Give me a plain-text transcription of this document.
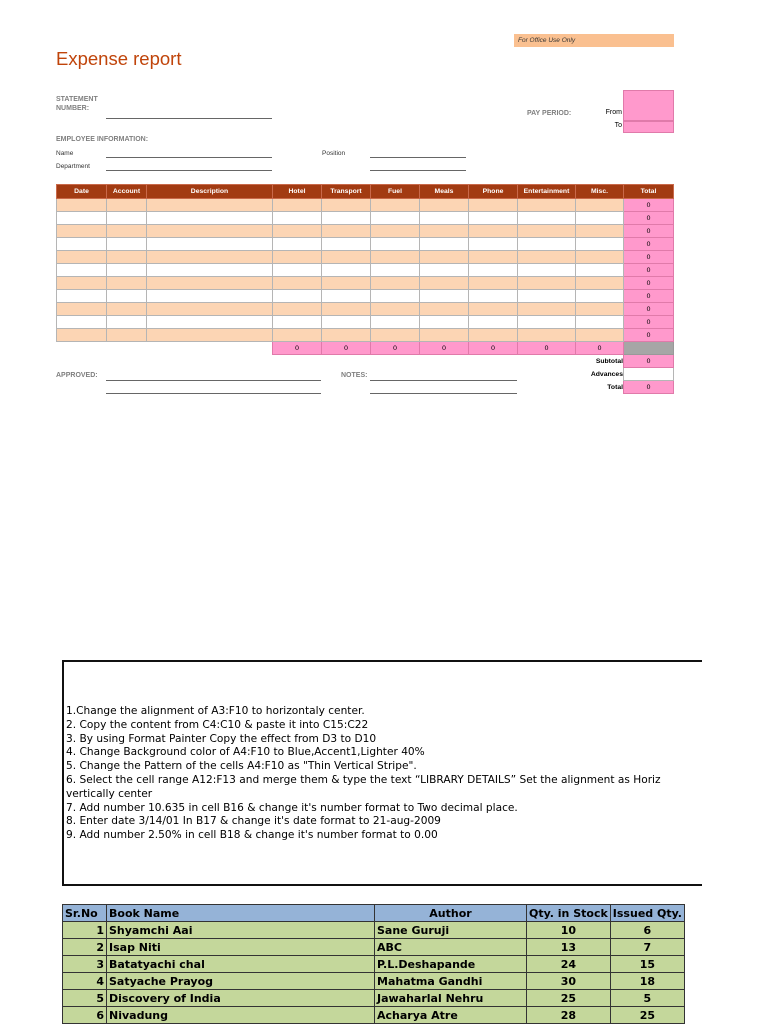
For Office Use Only
Expense report
STATEMENT NUMBER:
PAY PERIOD:	From
To
EMPLOYEE INFORMATION:
Name
Department
Position
Date	Account	Description	Hotel	Transport	Fuel	Meals	Phone	Entertainment	Misc.	Total
										0
										0
										0
										0
										0
										0
										0
										0
										0
										0
										0
			0	0	0	0	0	0	0	
Subtotal										0
Advances										
Total										0
APPROVED:	NOTES:
1.Change the alignment of A3:F10 to horizontaly center.
2. Copy the content from C4:C10 & paste it into C15:C22
3. By using Format Painter Copy the effect from D3 to D10
4. Change Background color of A4:F10 to Blue,Accent1,Lighter 40%
5. Change the Pattern of the cells A4:F10 as "Thin Vertical Stripe".
6. Select the cell range A12:F13 and merge them & type the text “LIBRARY DETAILS” Set the alignment as Horiz
vertically center
7. Add number 10.635 in cell B16 & change it's number format to Two decimal place.
8. Enter date 3/14/01 In B17 & change it's date format to 21-aug-2009
9. Add number 2.50% in cell B18 & change it's number format to 0.00
Sr.No	Book Name	Author	Qty. in Stock	Issued Qty.
1	Shyamchi Aai	Sane Guruji	10	6
2	Isap Niti	ABC	13	7
3	Batatyachi chal	P.L.Deshapande	24	15
4	Satyache Prayog	Mahatma Gandhi	30	18
5	Discovery of India	Jawaharlal Nehru	25	5
6	Nivadung	Acharya Atre	28	25
